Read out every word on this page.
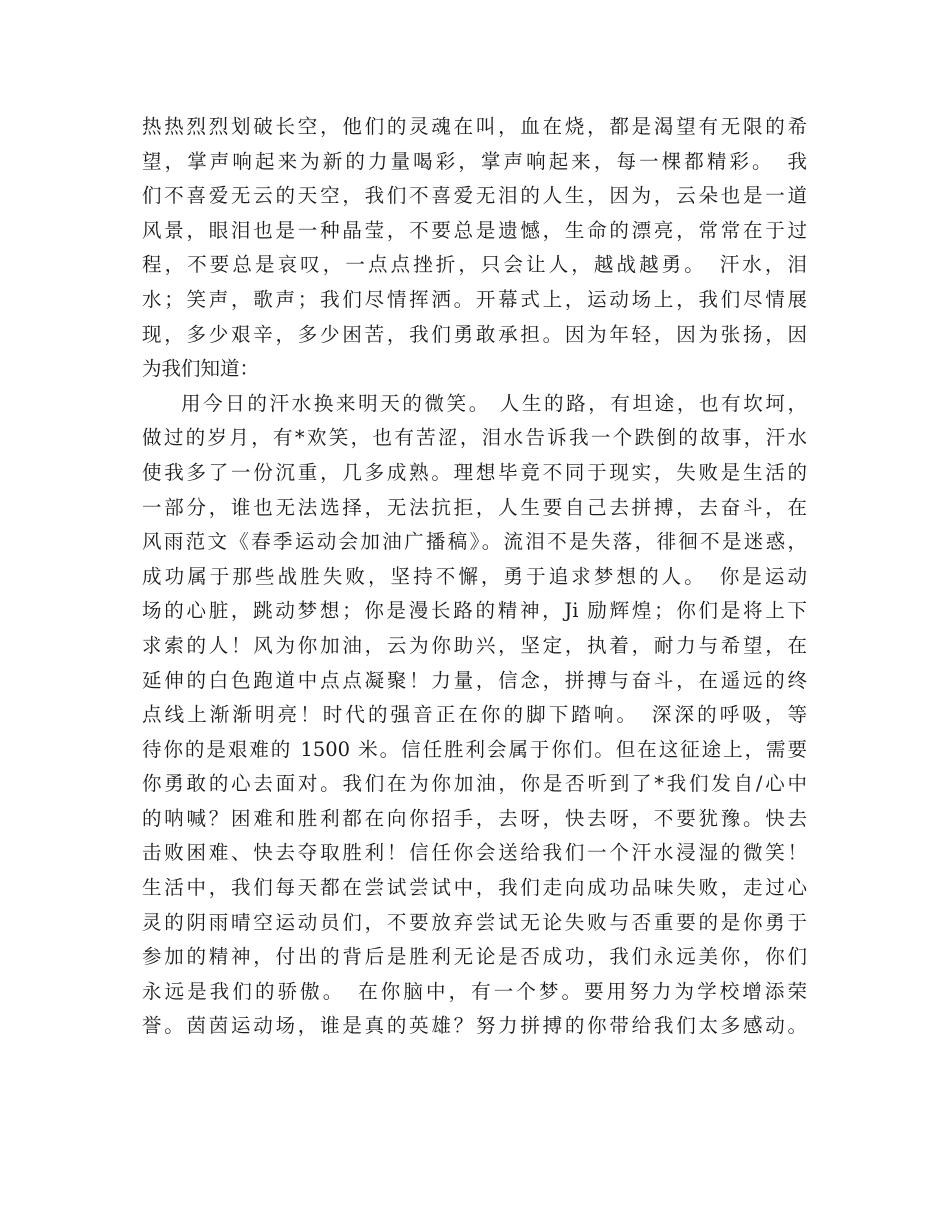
热热烈烈划破长空，他们的灵魂在叫，血在烧，都是渴望有无限的希
望，掌声响起来为新的力量喝彩，掌声响起来，每一棵都精彩。　我
们不喜爱无云的天空，我们不喜爱无泪的人生，因为，云朵也是一道
风景，眼泪也是一种晶莹，不要总是遗憾，生命的漂亮，常常在于过
程，不要总是哀叹，一点点挫折，只会让人，越战越勇。　汗水，泪
水；笑声，歌声；我们尽情挥洒。开幕式上，运动场上，我们尽情展
现，多少艰辛，多少困苦，我们勇敢承担。因为年轻，因为张扬，因
为我们知道：
用今日的汗水换来明天的微笑。 人生的路，有坦途，也有坎坷，
做过的岁月，有*欢笑，也有苦涩，泪水告诉我一个跌倒的故事，汗水
使我多了一份沉重，几多成熟。理想毕竟不同于现实，失败是生活的
一部分，谁也无法选择，无法抗拒，人生要自己去拼搏，去奋斗，在
风雨范文《春季运动会加油广播稿》。流泪不是失落，徘徊不是迷惑，
成功属于那些战胜失败，坚持不懈，勇于追求梦想的人。　你是运动
场的心脏，跳动梦想；你是漫长路的精神，Ji 励辉煌；你们是将上下
求索的人！风为你加油，云为你助兴，坚定，执着，耐力与希望，在
延伸的白色跑道中点点凝聚！力量，信念，拼搏与奋斗，在遥远的终
点线上渐渐明亮！时代的强音正在你的脚下踏响。　深深的呼吸，等
待你的是艰难的 1500 米。信任胜利会属于你们。但在这征途上，需要
你勇敢的心去面对。我们在为你加油，你是否听到了*我们发自/心中
的呐喊？困难和胜利都在向你招手，去呀，快去呀，不要犹豫。快去
击败困难、快去夺取胜利！信任你会送给我们一个汗水浸湿的微笑！
生活中，我们每天都在尝试尝试中，我们走向成功品味失败，走过心
灵的阴雨晴空运动员们，不要放弃尝试无论失败与否重要的是你勇于
参加的精神，付出的背后是胜利无论是否成功，我们永远美你，你们
永远是我们的骄傲。　在你脑中，有一个梦。要用努力为学校增添荣
誉。茵茵运动场，谁是真的英雄？努力拼搏的你带给我们太多感动。
